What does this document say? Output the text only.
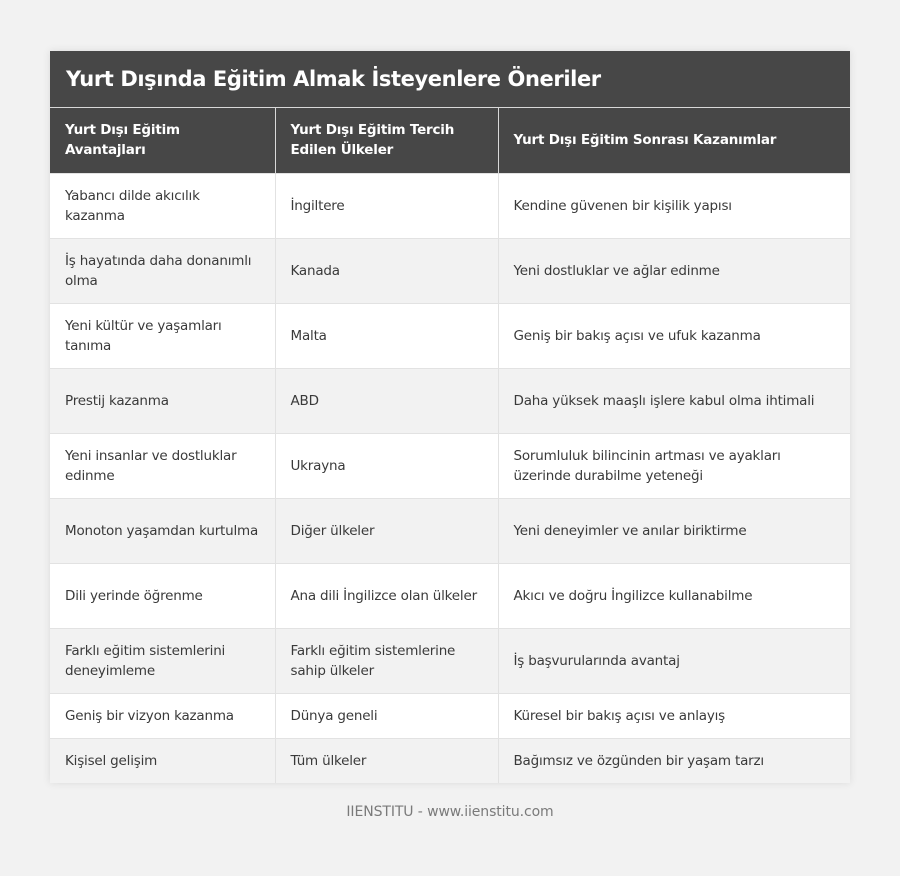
Yurt Dışında Eğitim Almak İsteyenlere Öneriler
Yurt Dışı Eğitim Avantajları	Yurt Dışı Eğitim Tercih Edilen Ülkeler	Yurt Dışı Eğitim Sonrası Kazanımlar
Yabancı dilde akıcılık kazanma	İngiltere	Kendine güvenen bir kişilik yapısı
İş hayatında daha donanımlı olma	Kanada	Yeni dostluklar ve ağlar edinme
Yeni kültür ve yaşamları tanıma	Malta	Geniş bir bakış açısı ve ufuk kazanma
Prestij kazanma	ABD	Daha yüksek maaşlı işlere kabul olma ihtimali
Yeni insanlar ve dostluklar edinme	Ukrayna	Sorumluluk bilincinin artması ve ayakları üzerinde durabilme yeteneği
Monoton yaşamdan kurtulma	Diğer ülkeler	Yeni deneyimler ve anılar biriktirme
Dili yerinde öğrenme	Ana dili İngilizce olan ülkeler	Akıcı ve doğru İngilizce kullanabilme
Farklı eğitim sistemlerini deneyimleme	Farklı eğitim sistemlerine sahip ülkeler	İş başvurularında avantaj
Geniş bir vizyon kazanma	Dünya geneli	Küresel bir bakış açısı ve anlayış
Kişisel gelişim	Tüm ülkeler	Bağımsız ve özgünden bir yaşam tarzı
IIENSTITU - www.iienstitu.com
